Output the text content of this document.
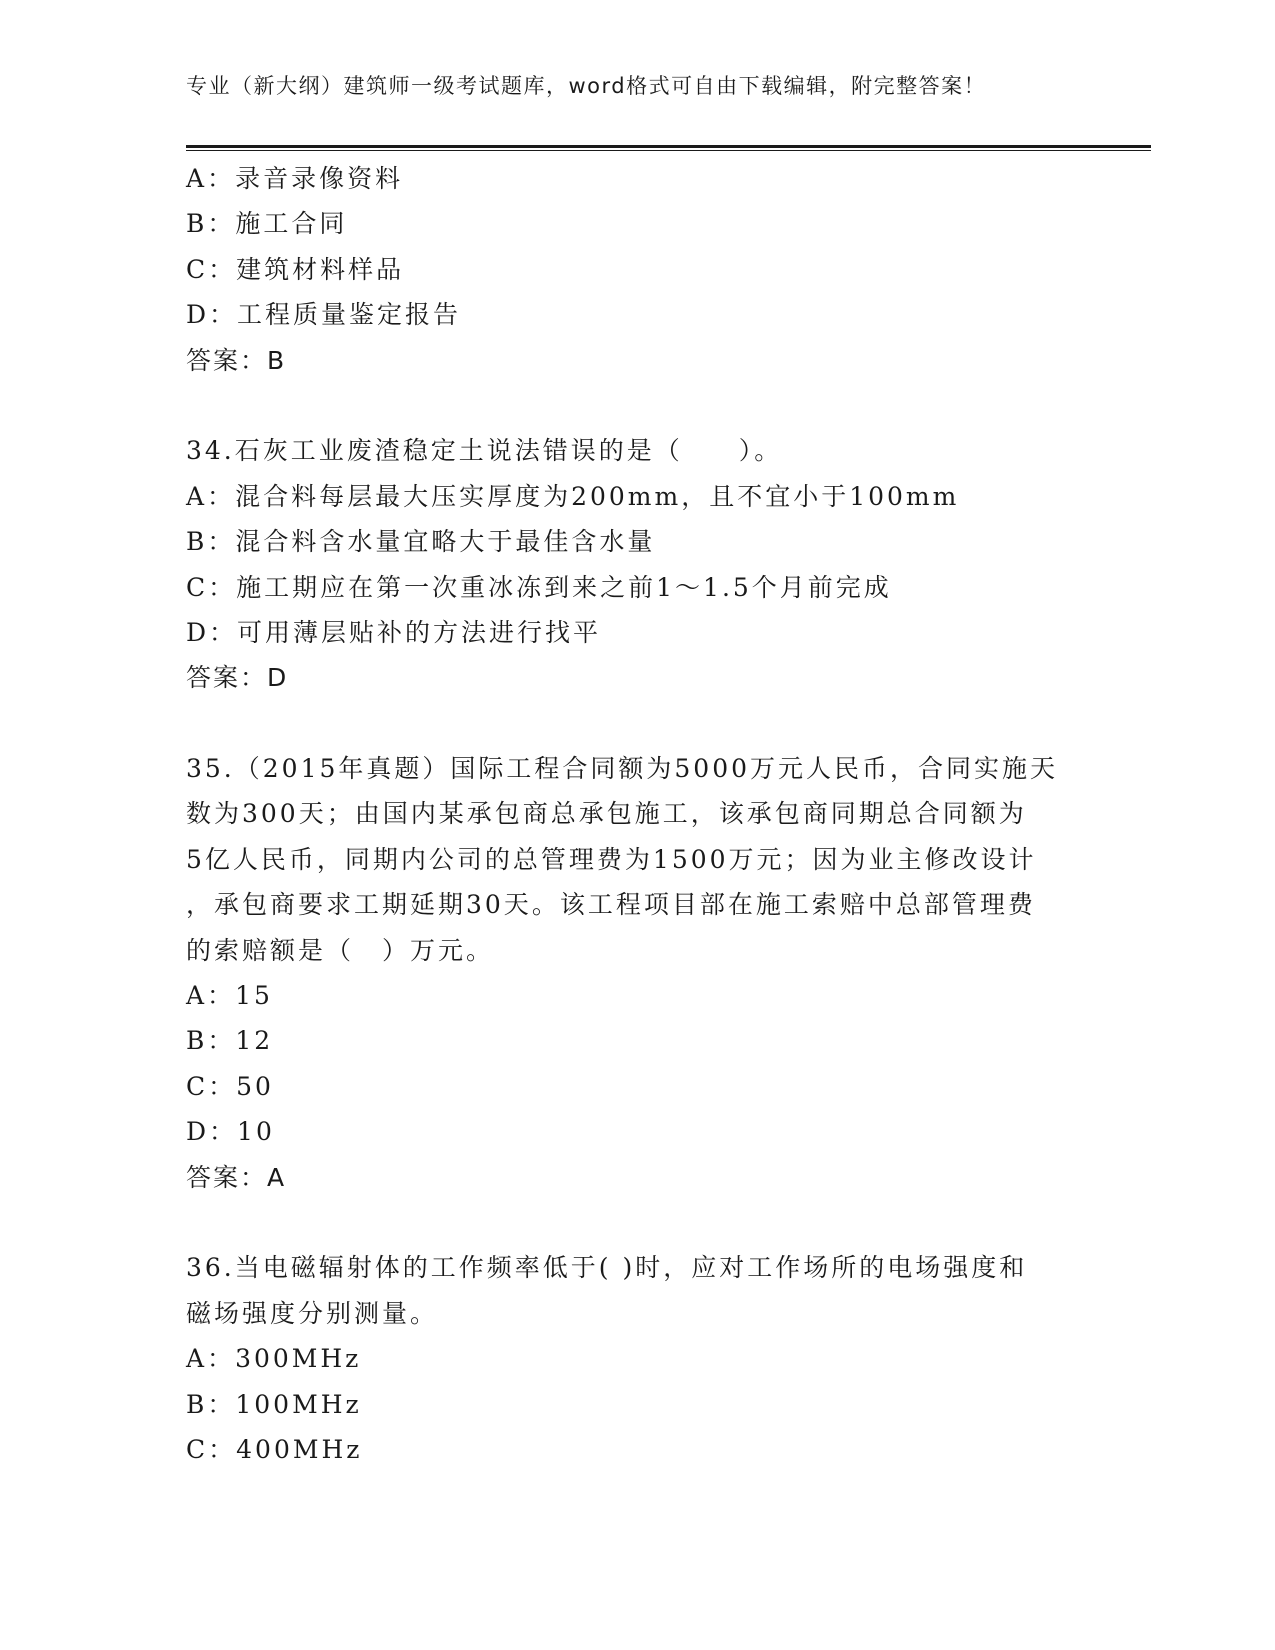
专业（新大纲）建筑师一级考试题库，word格式可自由下载编辑，附完整答案！
A：录音录像资料
B：施工合同
C：建筑材料样品
D：工程质量鉴定报告
答案：B
34.石灰工业废渣稳定土说法错误的是（　　）。
A：混合料每层最大压实厚度为200mm，且不宜小于100mm
B：混合料含水量宜略大于最佳含水量
C：施工期应在第一次重冰冻到来之前1～1.5个月前完成
D：可用薄层贴补的方法进行找平
答案：D
35.（2015年真题）国际工程合同额为5000万元人民币，合同实施天
数为300天；由国内某承包商总承包施工，该承包商同期总合同额为
5亿人民币，同期内公司的总管理费为1500万元；因为业主修改设计
，承包商要求工期延期30天。该工程项目部在施工索赔中总部管理费
的索赔额是（　）万元。
A：15
B：12
C：50
D：10
答案：A
36.当电磁辐射体的工作频率低于( )时，应对工作场所的电场强度和
磁场强度分别测量。
A：300MHz
B：100MHz
C：400MHz
